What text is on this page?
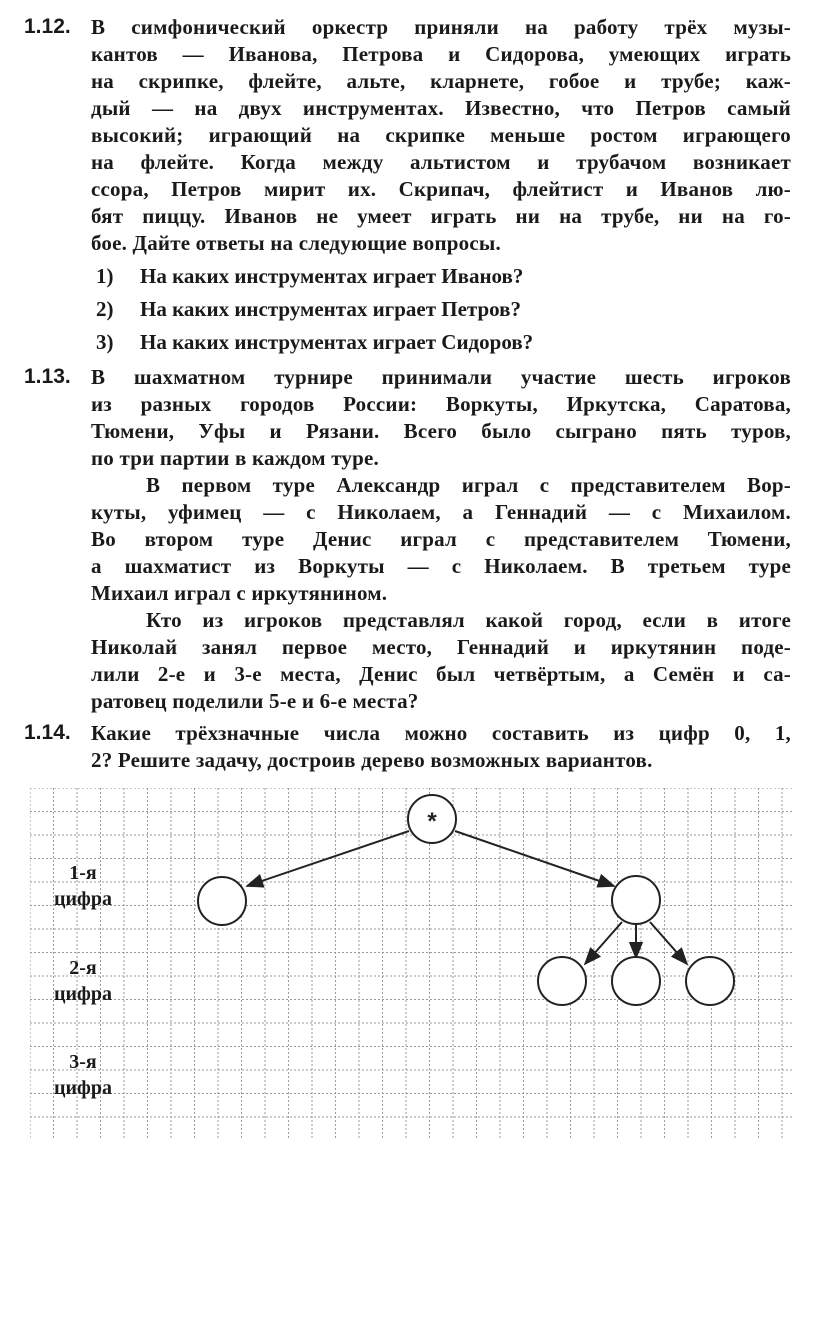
1.12. В симфонический оркестр приняли на работу трёх музы-
кантов — Иванова, Петрова и Сидорова, умеющих играть
на скрипке, флейте, альте, кларнете, гобое и трубе; каж-
дый — на двух инструментах. Известно, что Петров самый
высокий; играющий на скрипке меньше ростом играющего
на флейте. Когда между альтистом и трубачом возникает
ссора, Петров мирит их. Скрипач, флейтист и Иванов лю-
бят пиццу. Иванов не умеет играть ни на трубе, ни на го-
бое. Дайте ответы на следующие вопросы.
1) На каких инструментах играет Иванов?
2) На каких инструментах играет Петров?
3) На каких инструментах играет Сидоров?
1.13. В шахматном турнире принимали участие шесть игроков
из разных городов России: Воркуты, Иркутска, Саратова,
Тюмени, Уфы и Рязани. Всего было сыграно пять туров,
по три партии в каждом туре.
В первом туре Александр играл с представителем Вор-
куты, уфимец — с Николаем, а Геннадий — с Михаилом.
Во втором туре Денис играл с представителем Тюмени,
а шахматист из Воркуты — с Николаем. В третьем туре
Михаил играл с иркутянином.
Кто из игроков представлял какой город, если в итоге
Николай занял первое место, Геннадий и иркутянин поде-
лили 2-е и 3-е места, Денис был четвёртым, а Семён и са-
ратовец поделили 5-е и 6-е места?
1.14. Какие трёхзначные числа можно составить из цифр 0, 1,
2? Решите задачу, достроив дерево возможных вариантов.
*
1-я
цифра
2-я
цифра
3-я
цифра
